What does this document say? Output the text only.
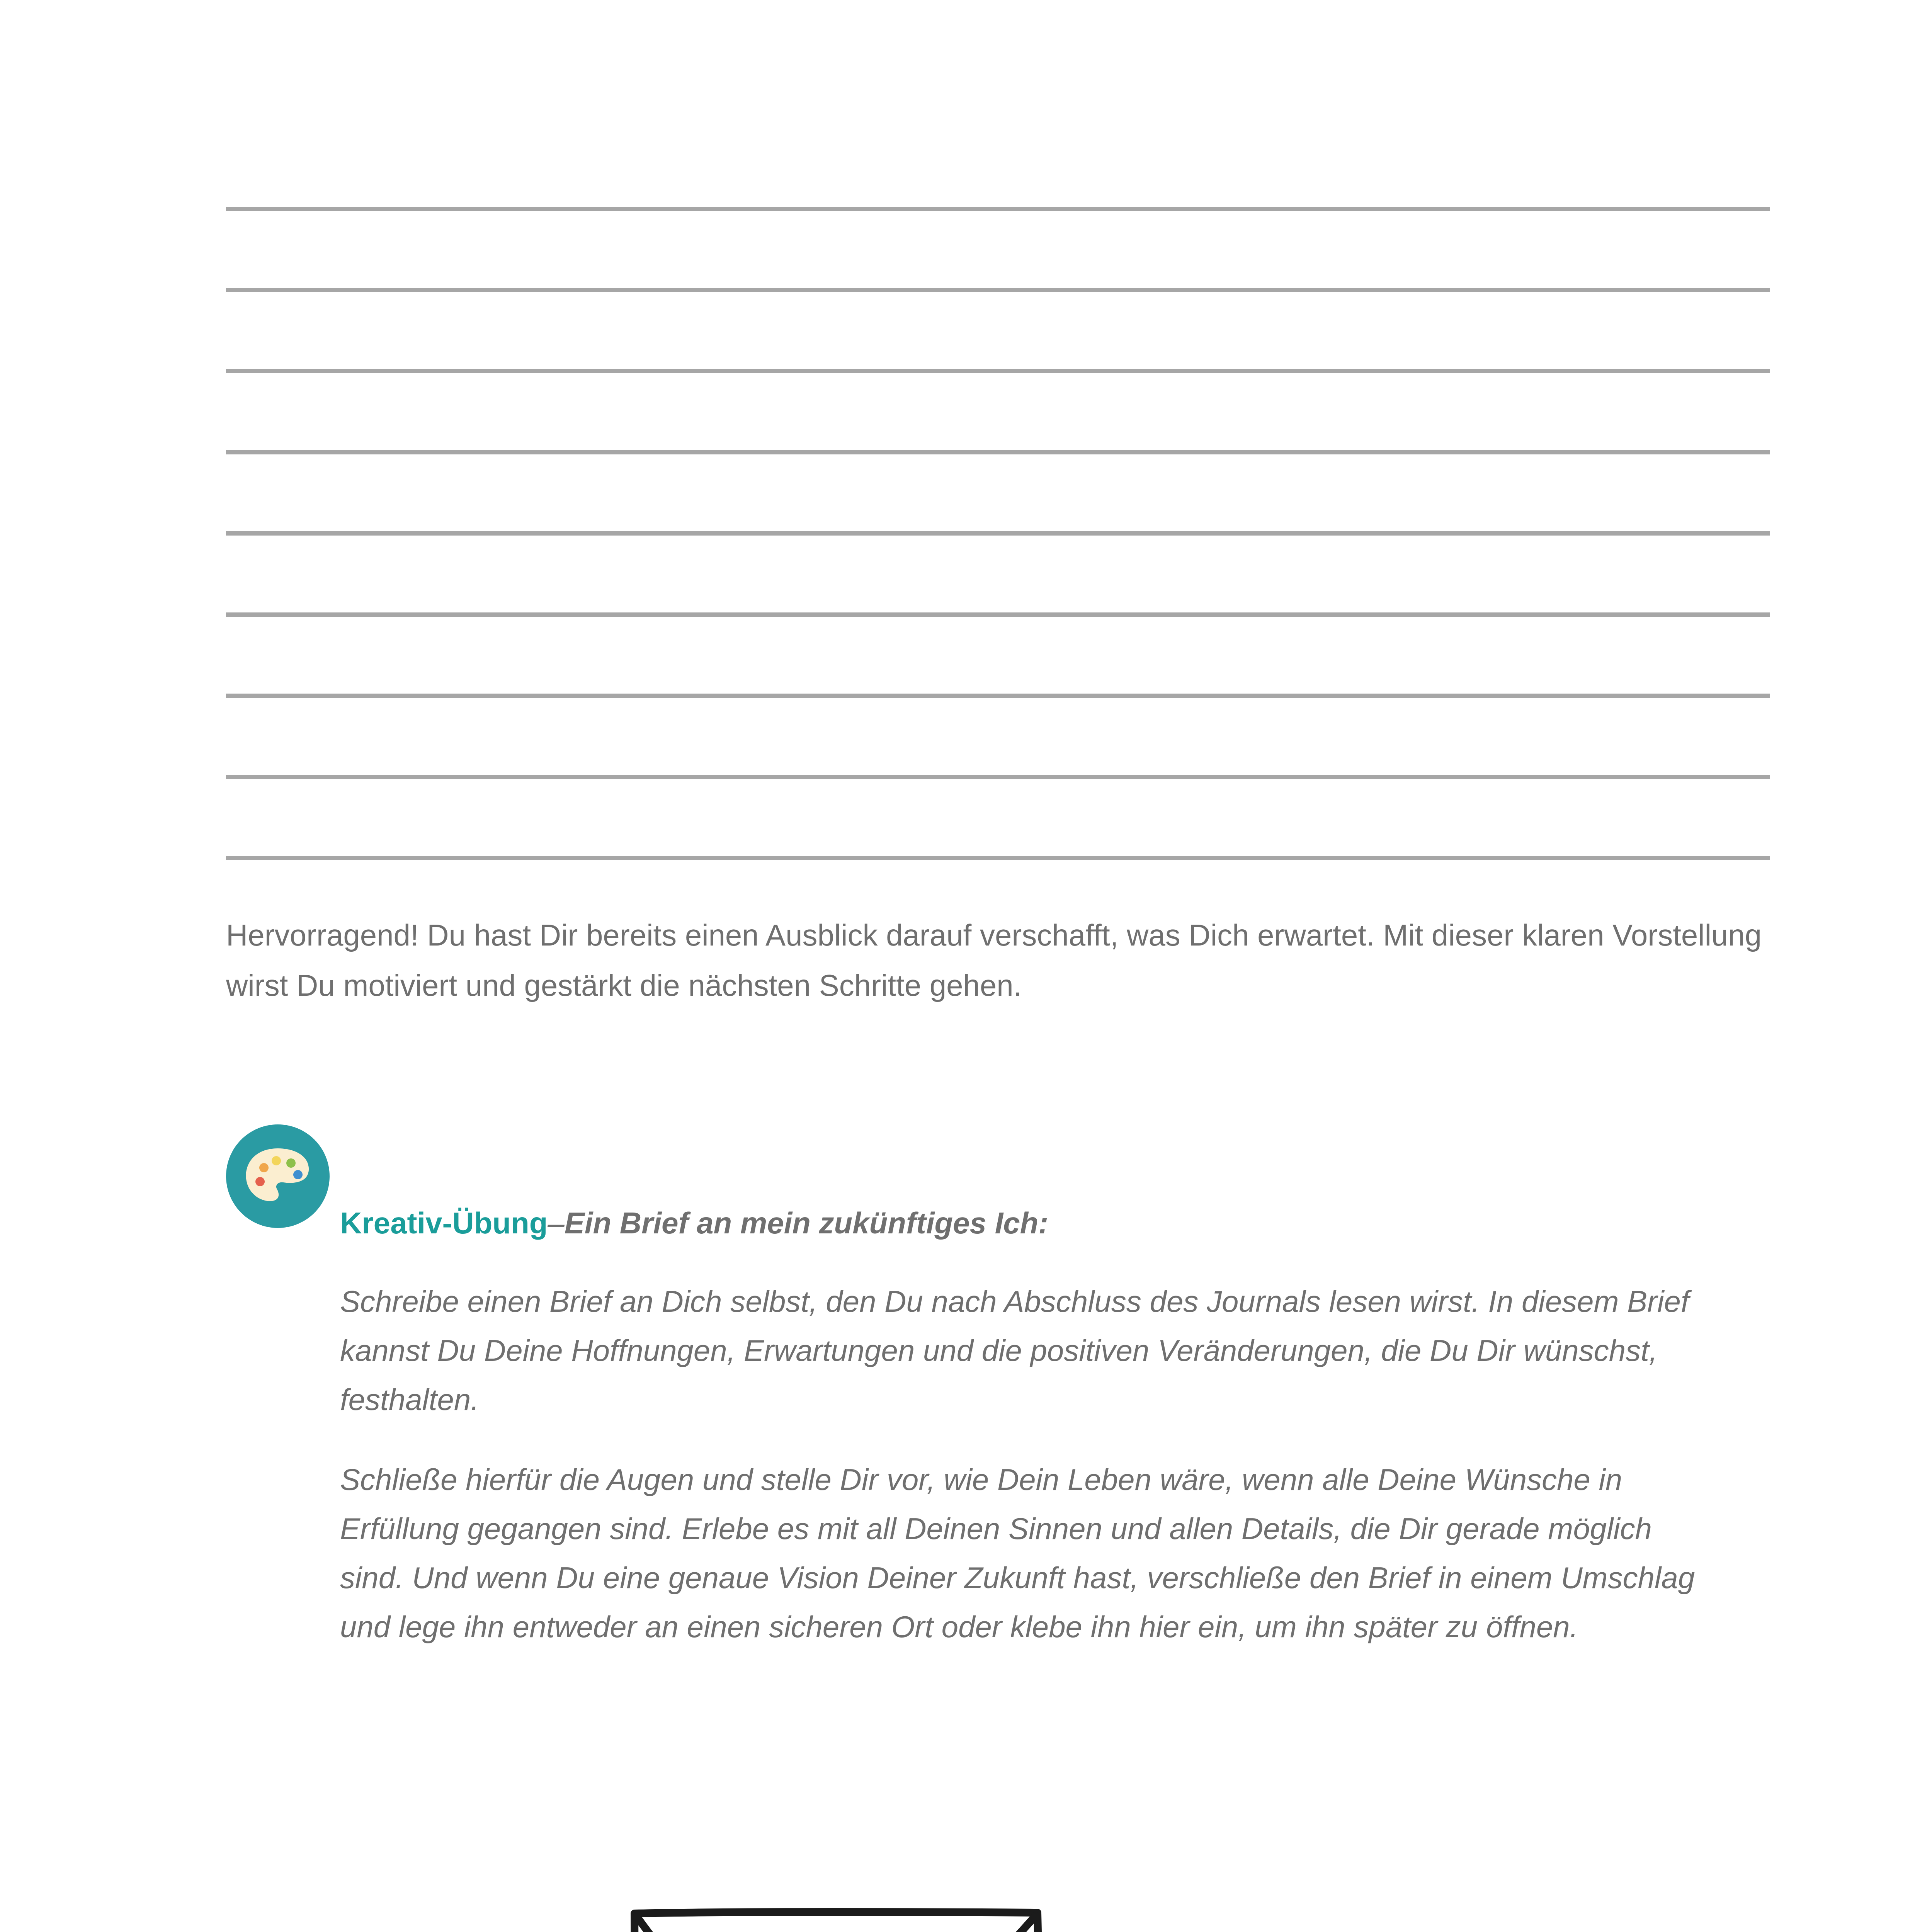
Hervorragend! Du hast Dir bereits einen Ausblick darauf verschafft, was Dich erwartet. Mit dieser klaren Vorstellung wirst Du motiviert und gestärkt die nächsten Schritte gehen.

Kreativ-Übung–Ein Brief an mein zukünftiges Ich:

Schreibe einen Brief an Dich selbst, den Du nach Abschluss des Journals lesen wirst. In diesem Brief kannst Du Deine Hoffnungen, Erwartungen und die positiven Veränderungen, die Du Dir wünschst, festhalten.

Schließe hierfür die Augen und stelle Dir vor, wie Dein Leben wäre, wenn alle Deine Wünsche in Erfüllung gegangen sind. Erlebe es mit all Deinen Sinnen und allen Details, die Dir gerade möglich sind. Und wenn Du eine genaue Vision Deiner Zukunft hast, verschließe den Brief in einem Umschlag und lege ihn entweder an einen sicheren Ort oder klebe ihn hier ein, um ihn später zu öffnen.
